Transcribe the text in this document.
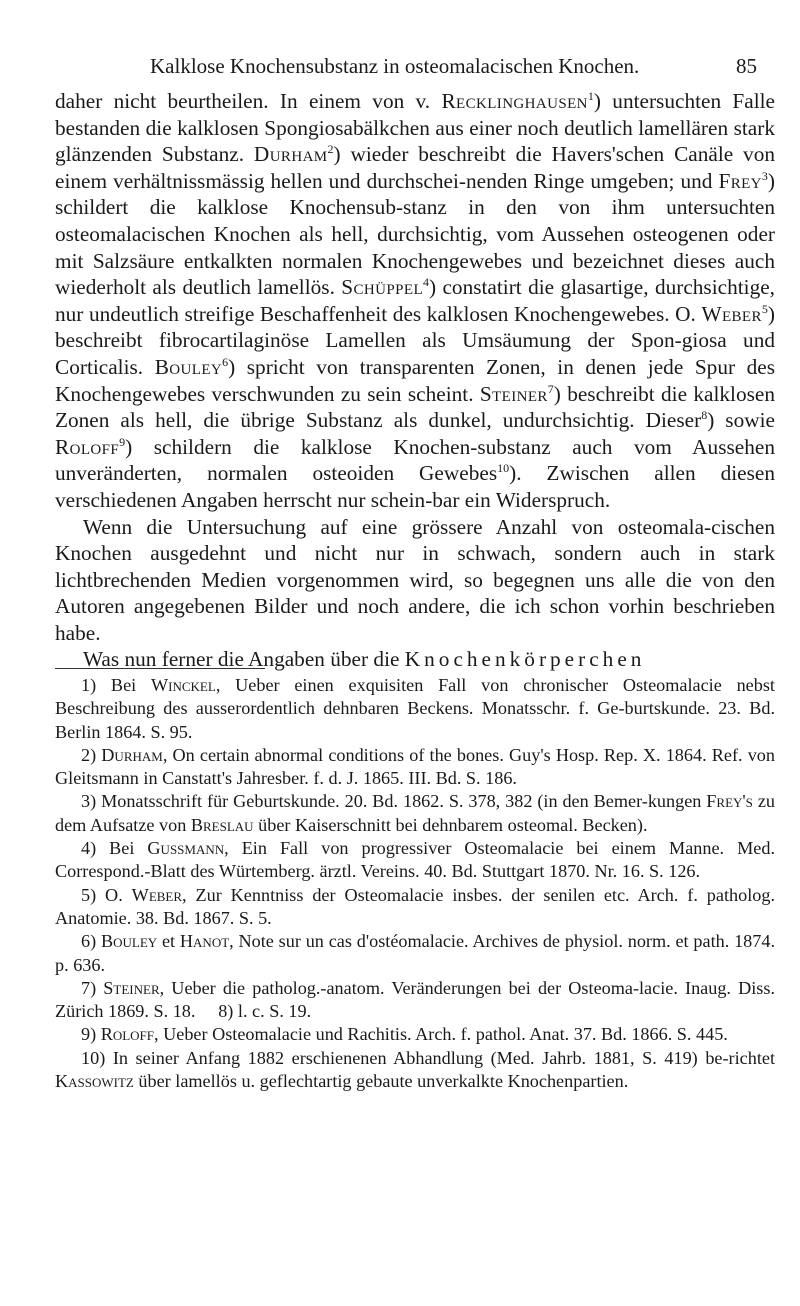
Kalklose Knochensubstanz in osteomalacischen Knochen.	85

daher nicht beurtheilen. In einem von v. Recklinghausen$^1$) untersuchten Falle bestanden die kalklosen Spongiosabälkchen aus einer noch deutlich lamellären stark glänzenden Substanz. Durham$^2$) wieder beschreibt die Havers'schen Canäle von einem verhältnissmässig hellen und durchschei-nenden Ringe umgeben; und Frey$^3$) schildert die kalklose Knochensub-stanz in den von ihm untersuchten osteomalacischen Knochen als hell, durchsichtig, vom Aussehen osteogenen oder mit Salzsäure entkalkten normalen Knochengewebes und bezeichnet dieses auch wiederholt als deutlich lamellös. Schüppel$^4$) constatirt die glasartige, durchsichtige, nur undeutlich streifige Beschaffenheit des kalklosen Knochengewebes. O. Weber$^5$) beschreibt fibrocartilaginöse Lamellen als Umsäumung der Spon-giosa und Corticalis. Bouley$^6$) spricht von transparenten Zonen, in denen jede Spur des Knochengewebes verschwunden zu sein scheint. Steiner$^7$) beschreibt die kalklosen Zonen als hell, die übrige Substanz als dunkel, undurchsichtig. Dieser$^8$) sowie Roloff$^9$) schildern die kalklose Knochen-substanz auch vom Aussehen unveränderten, normalen osteoiden Gewebes$^{10}$). Zwischen allen diesen verschiedenen Angaben herrscht nur schein-bar ein Widerspruch.

Wenn die Untersuchung auf eine grössere Anzahl von osteomala-cischen Knochen ausgedehnt und nicht nur in schwach, sondern auch in stark lichtbrechenden Medien vorgenommen wird, so begegnen uns alle die von den Autoren angegebenen Bilder und noch andere, die ich schon vorhin beschrieben habe.

Was nun ferner die Angaben über die Knochenkörperchen

1) Bei Winckel, Ueber einen exquisiten Fall von chronischer Osteomalacie nebst Beschreibung des ausserordentlich dehnbaren Beckens. Monatsschr. f. Ge-burtskunde. 23. Bd. Berlin 1864. S. 95.

2) Durham, On certain abnormal conditions of the bones. Guy's Hosp. Rep. X. 1864. Ref. von Gleitsmann in Canstatt's Jahresber. f. d. J. 1865. III. Bd. S. 186.

3) Monatsschrift für Geburtskunde. 20. Bd. 1862. S. 378, 382 (in den Bemer-kungen Frey's zu dem Aufsatze von Breslau über Kaiserschnitt bei dehnbarem osteomal. Becken).

4) Bei Gussmann, Ein Fall von progressiver Osteomalacie bei einem Manne. Med. Correspond.-Blatt des Würtemberg. ärztl. Vereins. 40. Bd. Stuttgart 1870. Nr. 16. S. 126.

5) O. Weber, Zur Kenntniss der Osteomalacie insbes. der senilen etc. Arch. f. patholog. Anatomie. 38. Bd. 1867. S. 5.

6) Bouley et Hanot, Note sur un cas d'ostéomalacie. Archives de physiol. norm. et path. 1874. p. 636.

7) Steiner, Ueber die patholog.-anatom. Veränderungen bei der Osteoma-lacie. Inaug. Diss. Zürich 1869. S. 18. 8) l. c. S. 19.

9) Roloff, Ueber Osteomalacie und Rachitis. Arch. f. pathol. Anat. 37. Bd. 1866. S. 445.

10) In seiner Anfang 1882 erschienenen Abhandlung (Med. Jahrb. 1881, S. 419) be-richtet Kassowitz über lamellös u. geflechtartig gebaute unverkalkte Knochenpartien.
